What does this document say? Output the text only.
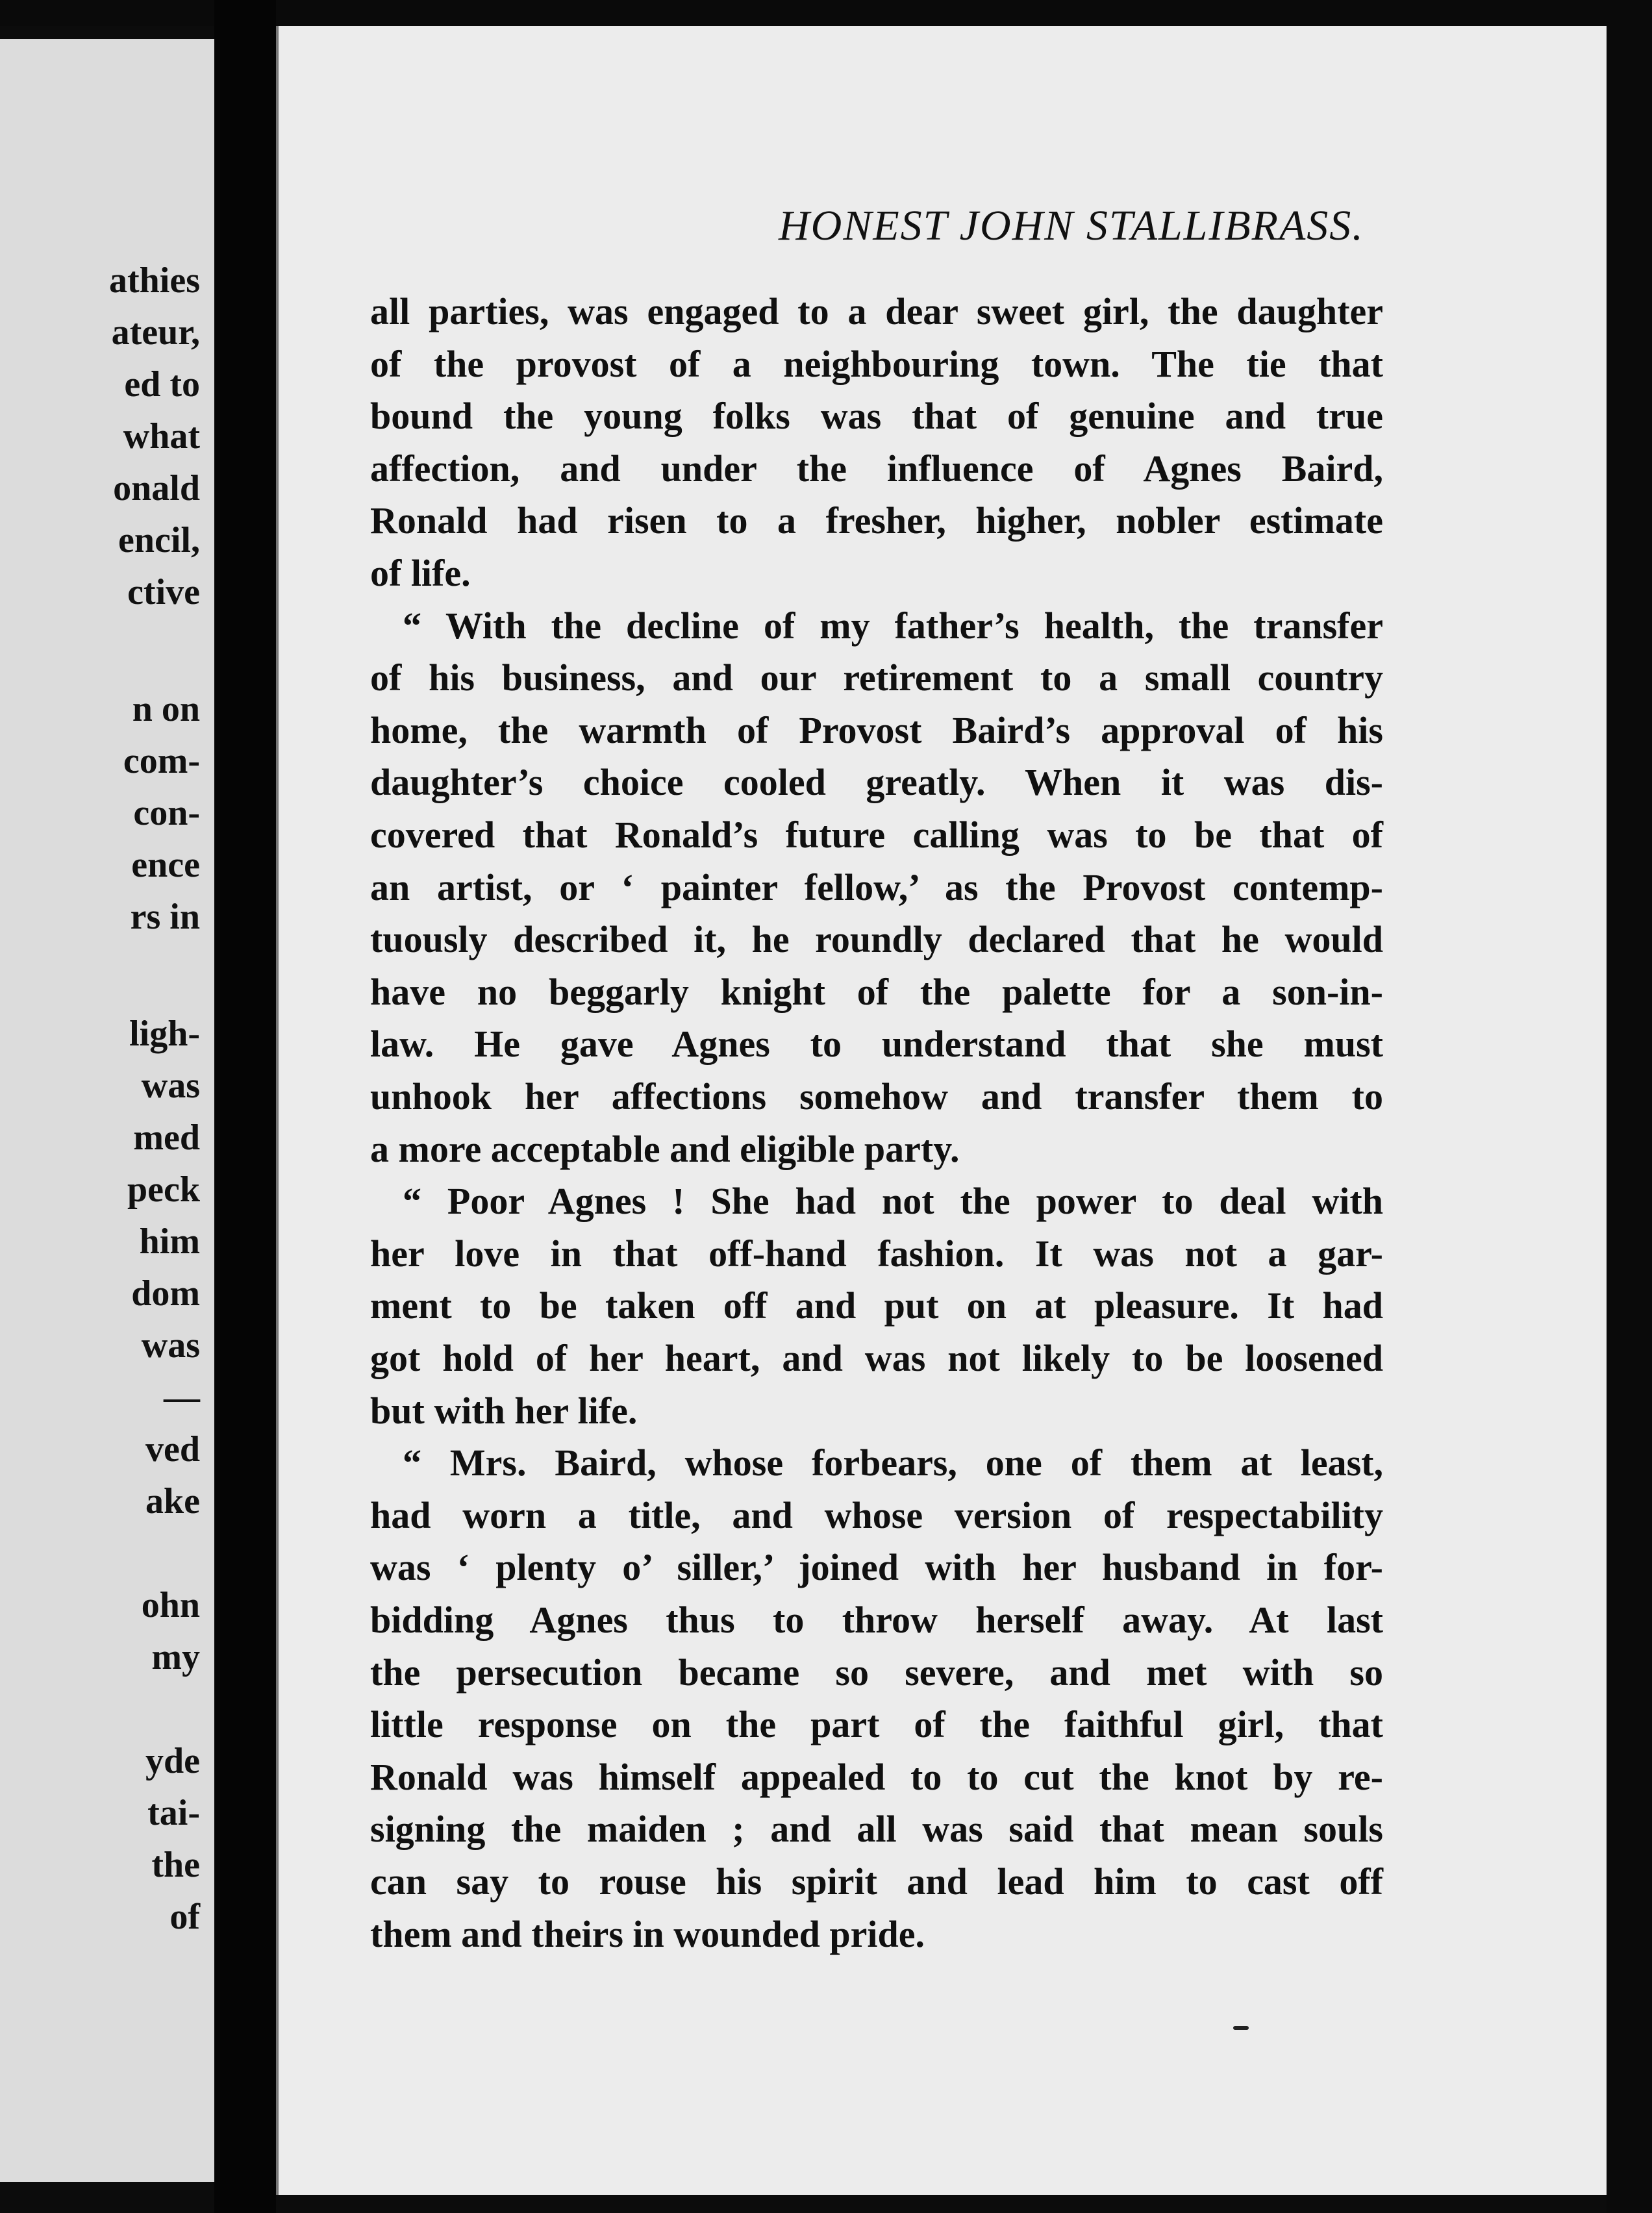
athies
ateur,
ed to
what
onald
encil,
ctive
n on
com-
con-
ence
rs in
ligh-
was
med
peck
him
dom
was
—
ved
ake
ohn
my
yde
tai-
the
of
HONEST JOHN STALLIBRASS.
all parties, was engaged to a dear sweet girl, the daughter
of the provost of a neighbouring town. The tie that
bound the young folks was that of genuine and true
affection, and under the influence of Agnes Baird,
Ronald had risen to a fresher, higher, nobler estimate
of life.
“ With the decline of my father’s health, the transfer
of his business, and our retirement to a small country
home, the warmth of Provost Baird’s approval of his
daughter’s choice cooled greatly. When it was dis-
covered that Ronald’s future calling was to be that of
an artist, or ‘ painter fellow,’ as the Provost contemp-
tuously described it, he roundly declared that he would
have no beggarly knight of the palette for a son-in-
law. He gave Agnes to understand that she must
unhook her affections somehow and transfer them to
a more acceptable and eligible party.
“ Poor Agnes ! She had not the power to deal with
her love in that off-hand fashion. It was not a gar-
ment to be taken off and put on at pleasure. It had
got hold of her heart, and was not likely to be loosened
but with her life.
“ Mrs. Baird, whose forbears, one of them at least,
had worn a title, and whose version of respectability
was ‘ plenty o’ siller,’ joined with her husband in for-
bidding Agnes thus to throw herself away. At last
the persecution became so severe, and met with so
little response on the part of the faithful girl, that
Ronald was himself appealed to to cut the knot by re-
signing the maiden ; and all was said that mean souls
can say to rouse his spirit and lead him to cast off
them and theirs in wounded pride.
